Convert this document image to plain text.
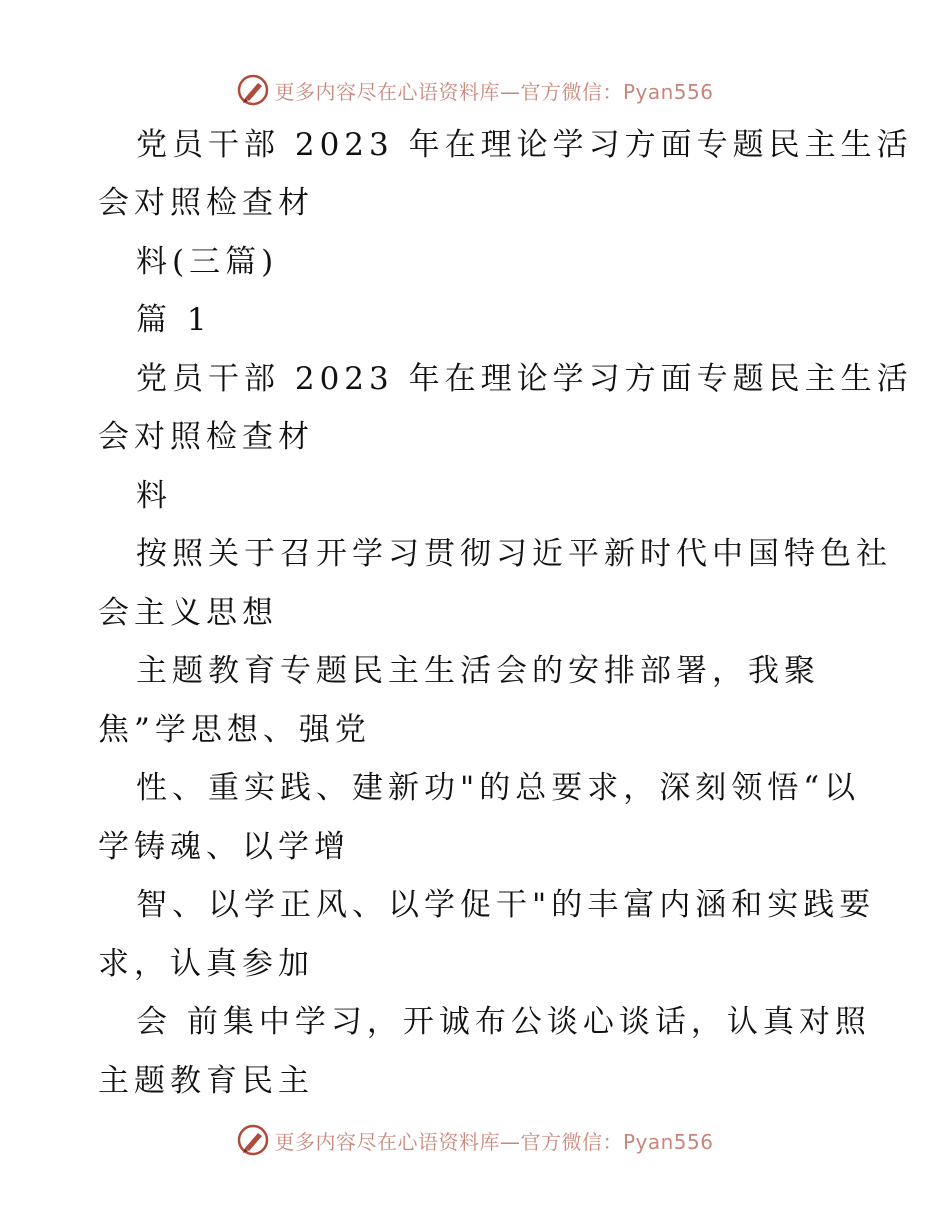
更多内容尽在心语资料库—官方微信：Pyan556
党员干部 2023 年在理论学习方面专题民主生活
会对照检查材
料(三篇)
篇 1
党员干部 2023 年在理论学习方面专题民主生活
会对照检查材
料
按照关于召开学习贯彻习近平新时代中国特色社
会主义思想
主题教育专题民主生活会的安排部署，我聚
焦”学思想、强党
性、重实践、建新功"的总要求，深刻领悟“以
学铸魂、以学增
智、以学正风、以学促干"的丰富内涵和实践要
求，认真参加
会 前集中学习，开诚布公谈心谈话，认真对照
主题教育民主
更多内容尽在心语资料库—官方微信：Pyan556
